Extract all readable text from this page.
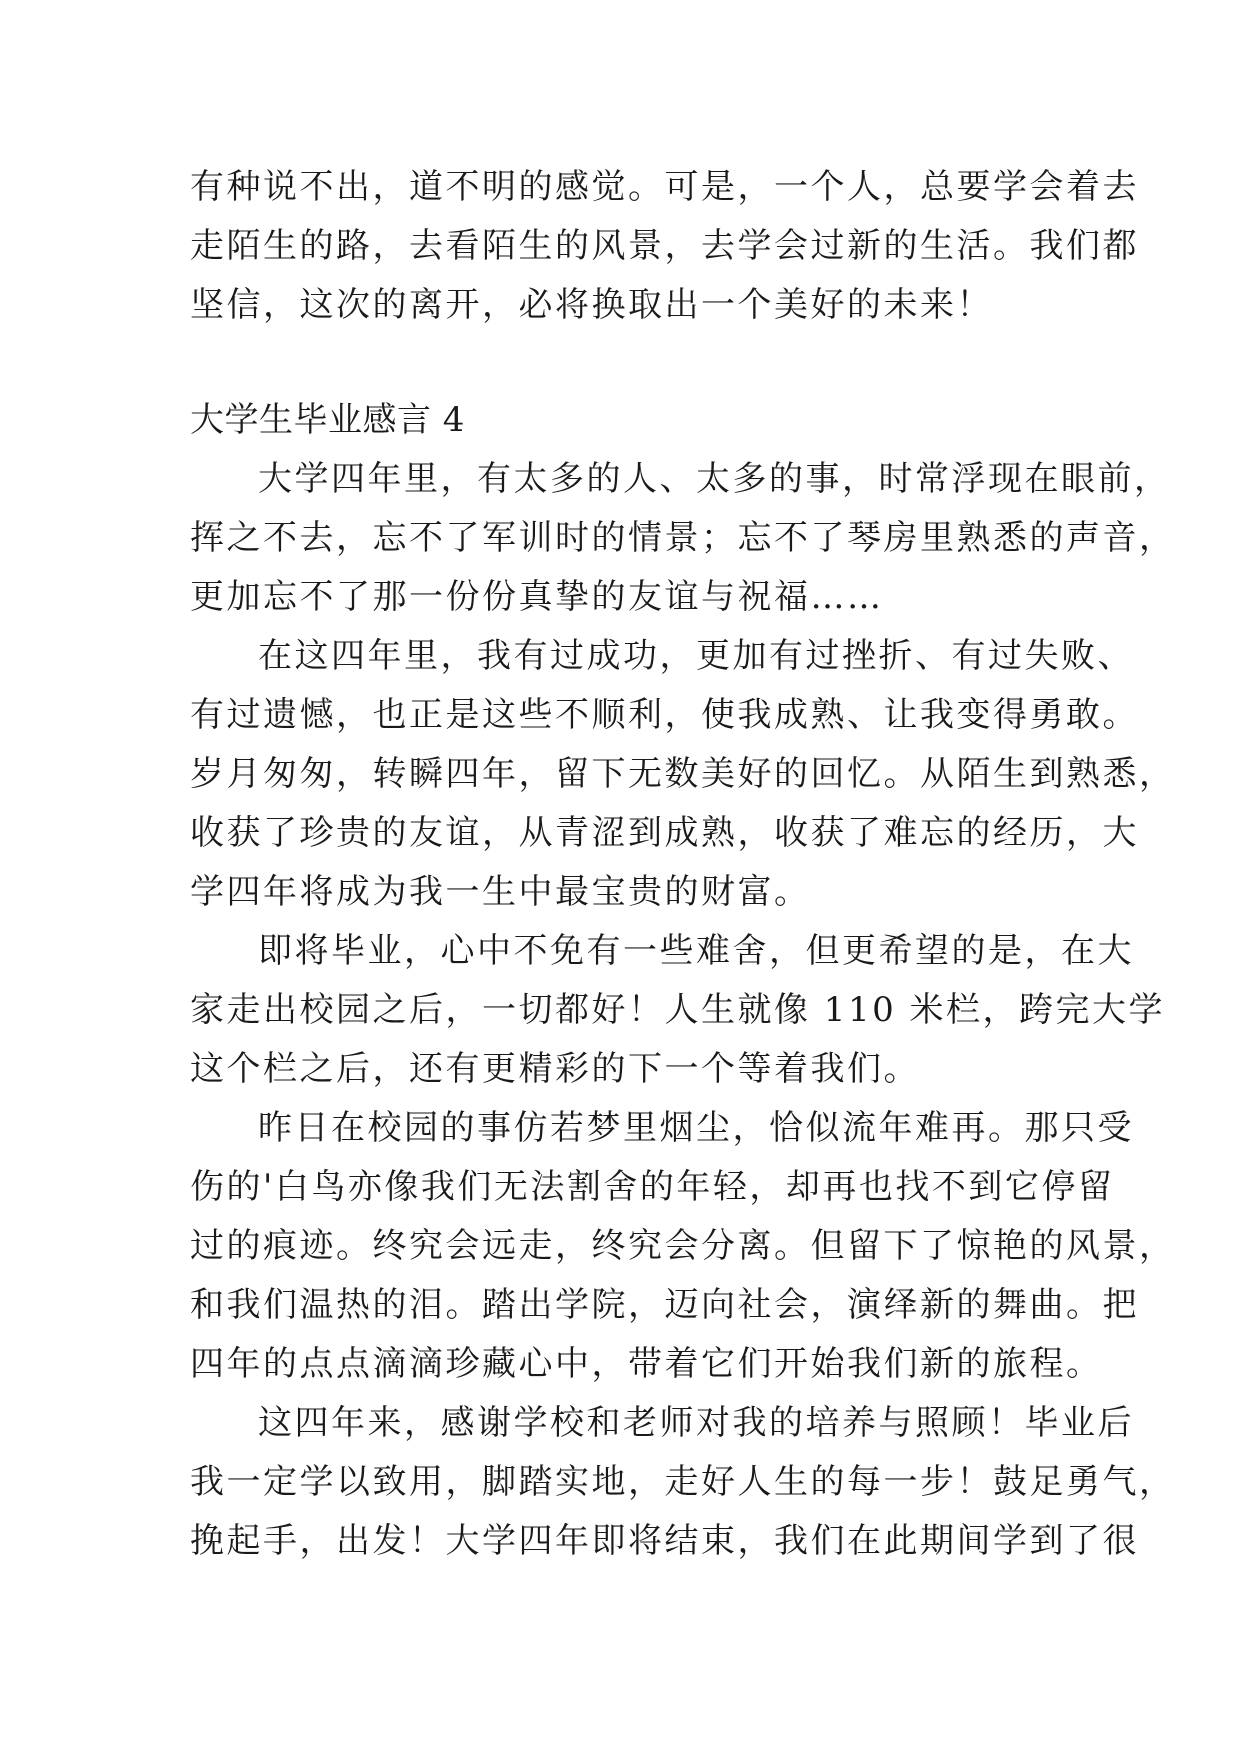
有种说不出，道不明的感觉。可是，一个人，总要学会着去
走陌生的路，去看陌生的风景，去学会过新的生活。我们都
坚信，这次的离开，必将换取出一个美好的未来！
大学生毕业感言 4
大学四年里，有太多的人、太多的事，时常浮现在眼前，
挥之不去，忘不了军训时的情景；忘不了琴房里熟悉的声音，
更加忘不了那一份份真挚的友谊与祝福……
在这四年里，我有过成功，更加有过挫折、有过失败、
有过遗憾，也正是这些不顺利，使我成熟、让我变得勇敢。
岁月匆匆，转瞬四年，留下无数美好的回忆。从陌生到熟悉，
收获了珍贵的友谊，从青涩到成熟，收获了难忘的经历，大
学四年将成为我一生中最宝贵的财富。
即将毕业，心中不免有一些难舍，但更希望的是，在大
家走出校园之后，一切都好！人生就像 110 米栏，跨完大学
这个栏之后，还有更精彩的下一个等着我们。
昨日在校园的事仿若梦里烟尘，恰似流年难再。那只受
伤的'白鸟亦像我们无法割舍的年轻，却再也找不到它停留
过的痕迹。终究会远走，终究会分离。但留下了惊艳的风景，
和我们温热的泪。踏出学院，迈向社会，演绎新的舞曲。把
四年的点点滴滴珍藏心中，带着它们开始我们新的旅程。
这四年来，感谢学校和老师对我的培养与照顾！毕业后
我一定学以致用，脚踏实地，走好人生的每一步！鼓足勇气，
挽起手，出发！大学四年即将结束，我们在此期间学到了很
